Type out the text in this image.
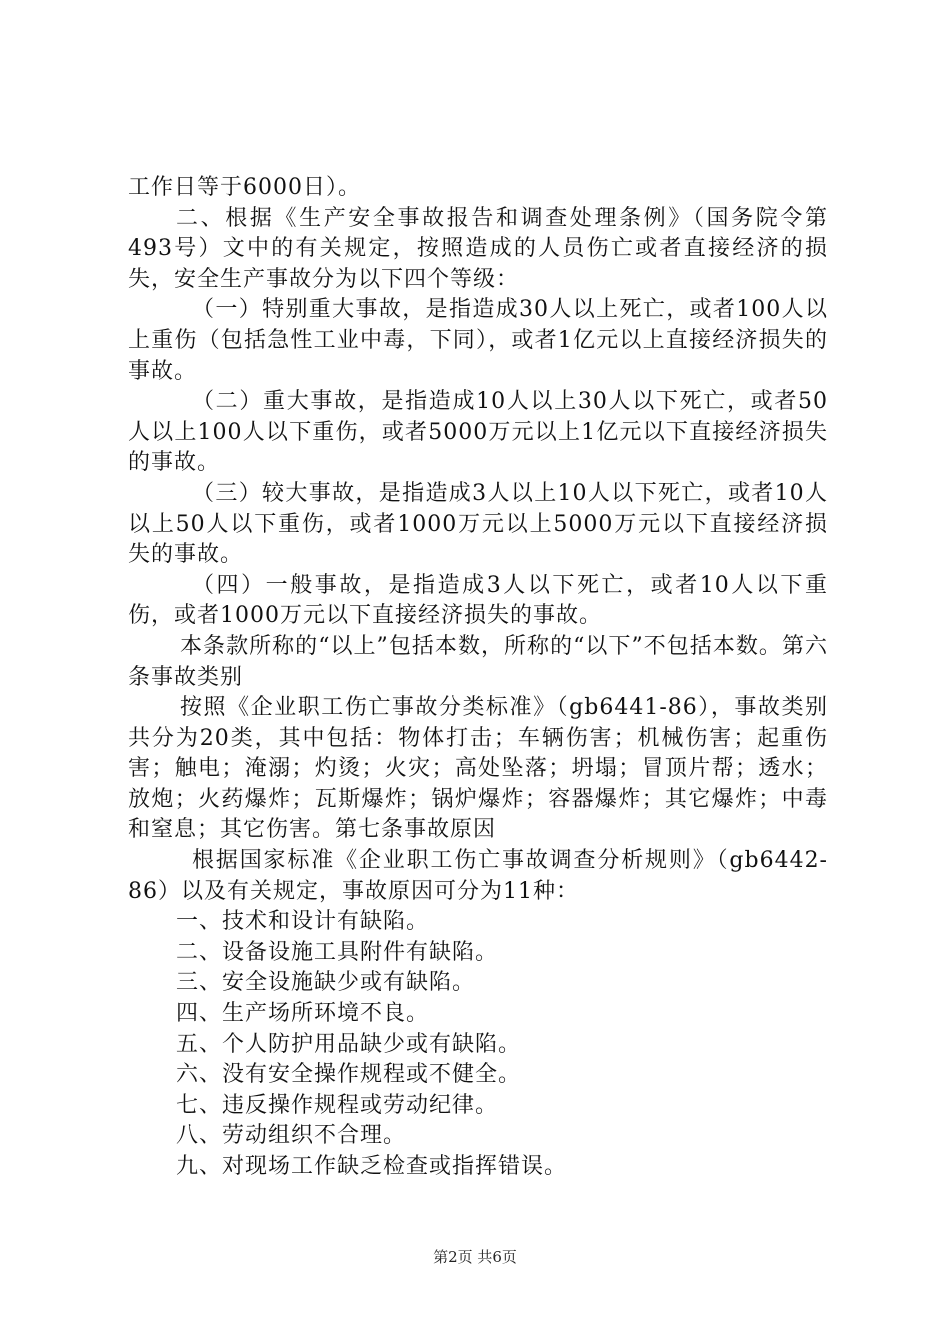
工作日等于6000日）。

二、根据《生产安全事故报告和调查处理条例》（国务院令第493号）文中的有关规定，按照造成的人员伤亡或者直接经济的损失，安全生产事故分为以下四个等级：

（一）特别重大事故，是指造成30人以上死亡，或者100人以上重伤（包括急性工业中毒，下同），或者1亿元以上直接经济损失的事故。

（二）重大事故，是指造成10人以上30人以下死亡，或者50人以上100人以下重伤，或者5000万元以上1亿元以下直接经济损失的事故。

（三）较大事故，是指造成3人以上10人以下死亡，或者10人以上50人以下重伤，或者1000万元以上5000万元以下直接经济损失的事故。

（四）一般事故，是指造成3人以下死亡，或者10人以下重伤，或者1000万元以下直接经济损失的事故。

本条款所称的“以上”包括本数，所称的“以下”不包括本数。第六条事故类别

按照《企业职工伤亡事故分类标准》（gb6441-86），事故类别共分为20类，其中包括：物体打击；车辆伤害；机械伤害；起重伤害；触电；淹溺；灼烫；火灾；高处坠落；坍塌；冒顶片帮；透水；放炮；火药爆炸；瓦斯爆炸；锅炉爆炸；容器爆炸；其它爆炸；中毒和窒息；其它伤害。第七条事故原因

根据国家标准《企业职工伤亡事故调查分析规则》（gb6442-86）以及有关规定，事故原因可分为11种：

一、技术和设计有缺陷。

二、设备设施工具附件有缺陷。

三、安全设施缺少或有缺陷。

四、生产场所环境不良。

五、个人防护用品缺少或有缺陷。

六、没有安全操作规程或不健全。

七、违反操作规程或劳动纪律。

八、劳动组织不合理。

九、对现场工作缺乏检查或指挥错误。

第2页 共6页
